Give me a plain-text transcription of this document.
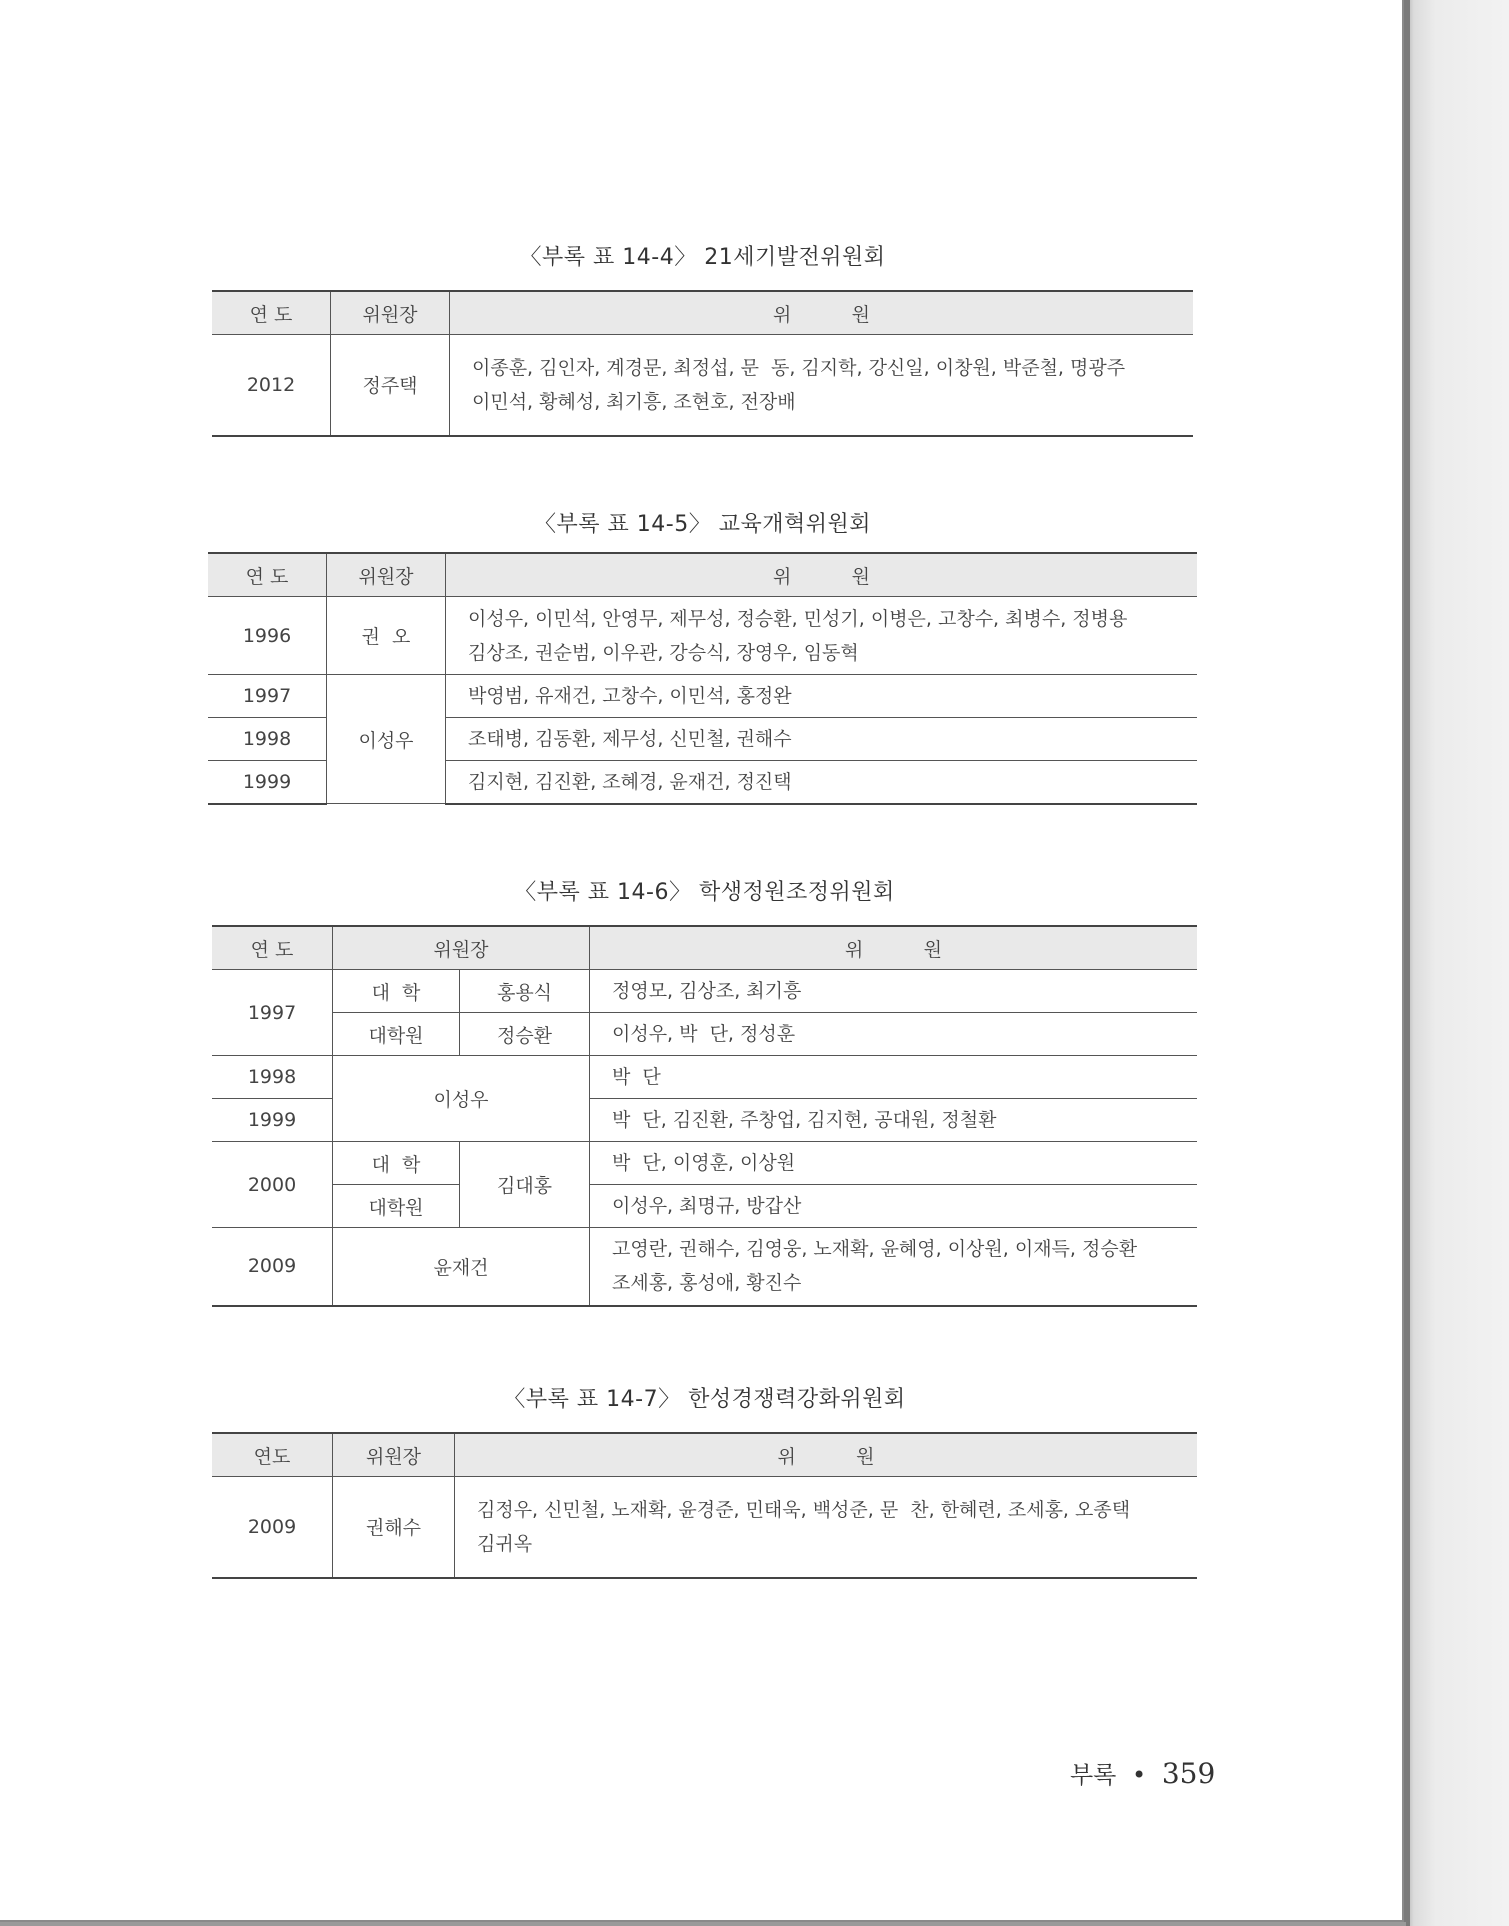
〈부록 표 14-4〉 21세기발전위원회
연 도	위원장	위          원
2012	정주택	이종훈, 김인자, 계경문, 최정섭, 문  동, 김지학, 강신일, 이창원, 박준철, 명광주
이민석, 황혜성, 최기흥, 조현호, 전장배
〈부록 표 14-5〉 교육개혁위원회
연 도	위원장	위          원
1996	권  오	이성우, 이민석, 안영무, 제무성, 정승환, 민성기, 이병은, 고창수, 최병수, 정병용
김상조, 권순범, 이우관, 강승식, 장영우, 임동혁

1997	이성우	박영범, 유재건, 고창수, 이민석, 홍정완
1998		조태병, 김동환, 제무성, 신민철, 권해수
1999		김지현, 김진환, 조혜경, 윤재건, 정진택
〈부록 표 14-6〉 학생정원조정위원회
연 도	위원장		위          원
1997	대  학	홍용식	정영모, 김상조, 최기흥
	대학원	정승환	이성우, 박  단, 정성훈
1998	이성우		박  단
1999			박  단, 김진환, 주창업, 김지현, 공대원, 정철환
2000	대  학	김대홍	박  단, 이영훈, 이상원
	대학원		이성우, 최명규, 방갑산
2009	윤재건		고영란, 권해수, 김영웅, 노재확, 윤혜영, 이상원, 이재득, 정승환
조세홍, 홍성애, 황진수
〈부록 표 14-7〉 한성경쟁력강화위원회
연도	위원장	위          원
2009	권해수	김정우, 신민철, 노재확, 윤경준, 민태욱, 백성준, 문  찬, 한혜련, 조세홍, 오종택
김귀옥
부록 • 359
